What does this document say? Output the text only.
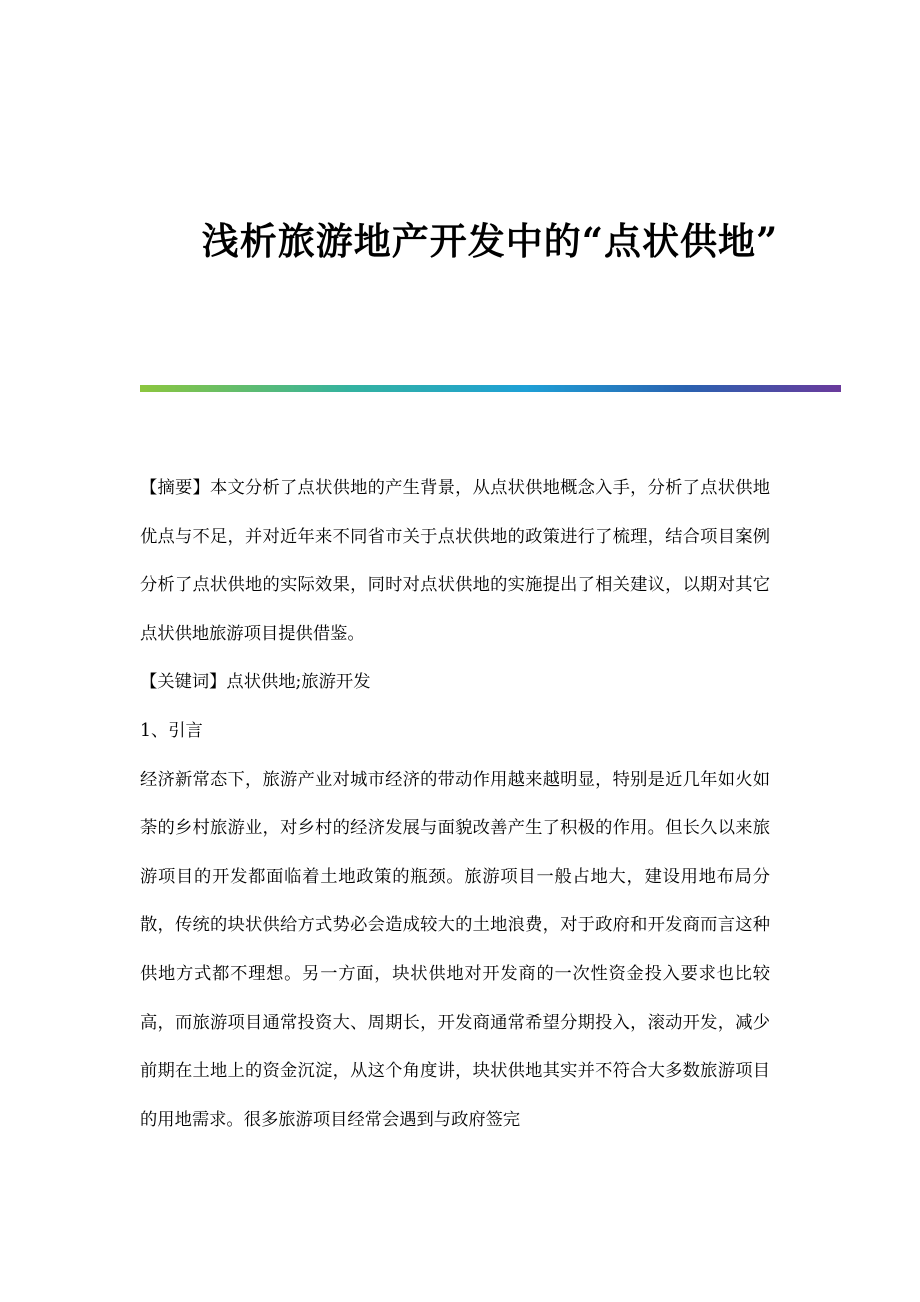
浅析旅游地产开发中的“点状供地”

【摘要】本文分析了点状供地的产生背景，从点状供地概念入手，分析了点状供地优点与不足，并对近年来不同省市关于点状供地的政策进行了梳理，结合项目案例分析了点状供地的实际效果，同时对点状供地的实施提出了相关建议，以期对其它点状供地旅游项目提供借鉴。

【关键词】点状供地;旅游开发

1、引言

经济新常态下，旅游产业对城市经济的带动作用越来越明显，特别是近几年如火如荼的乡村旅游业，对乡村的经济发展与面貌改善产生了积极的作用。但长久以来旅游项目的开发都面临着土地政策的瓶颈。旅游项目一般占地大，建设用地布局分散，传统的块状供给方式势必会造成较大的土地浪费，对于政府和开发商而言这种供地方式都不理想。另一方面，块状供地对开发商的一次性资金投入要求也比较高，而旅游项目通常投资大、周期长，开发商通常希望分期投入，滚动开发，减少前期在土地上的资金沉淀，从这个角度讲，块状供地其实并不符合大多数旅游项目的用地需求。很多旅游项目经常会遇到与政府签完
